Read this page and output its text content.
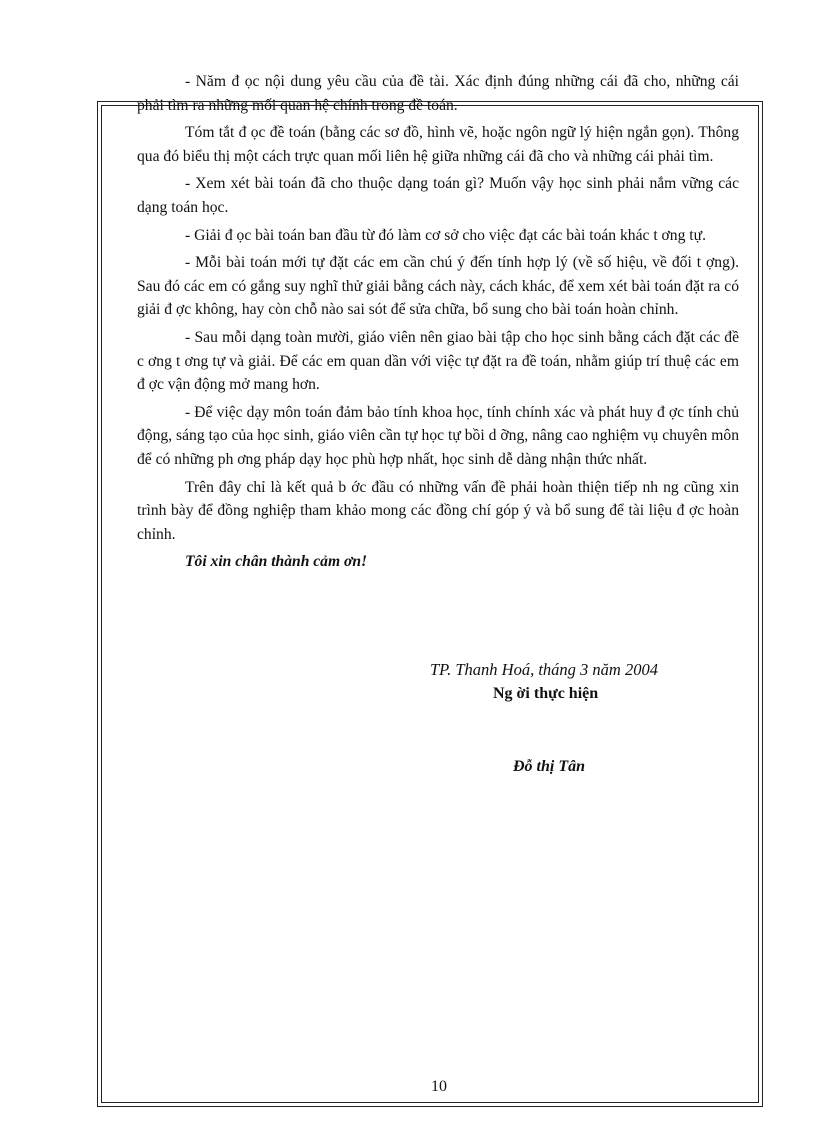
- Năm đ ọc nội dung yêu cầu của đề tài. Xác định đúng những cái đã cho, những cái phải tìm ra những mối quan hệ chính trong đề toán.

Tóm tắt đ ọc đề toán (bằng các sơ đồ, hình vẽ, hoặc ngôn ngữ lý hiện ngắn gọn). Thông qua đó biểu thị một cách trực quan mối liên hệ giữa những cái đã cho và những cái phải tìm.

- Xem xét bài toán đã cho thuộc dạng toán gì? Muốn vậy học sinh phải nắm vững các dạng toán học.

- Giải đ ọc bài toán ban đầu từ đó làm cơ sở cho việc đạt các bài toán khác t ơng tự.

- Mỗi bài toán mới tự đặt các em cần chú ý đến tính hợp lý (về số hiệu, về đối t ợng). Sau đó các em có gắng suy nghĩ thử giải bằng cách này, cách khác, để xem xét bài toán đặt ra có giải đ ợc không, hay còn chỗ nào sai sót để sửa chữa, bổ sung cho bài toán hoàn chỉnh.

- Sau mỗi dạng toàn mười, giáo viên nên giao bài tập cho học sinh bằng cách đặt các đề c ơng t ơng tự và giải. Để các em quan dần với việc tự đặt ra đề toán, nhằm giúp trí thuệ các em đ ợc vận động mở mang hơn.

- Để việc dạy môn toán đảm bảo tính khoa học, tính chính xác và phát huy đ ợc tính chủ động, sáng tạo của học sinh, giáo viên cần tự học tự bồi d ỡng, nâng cao nghiệm vụ chuyên môn để có những ph ơng pháp dạy học phù hợp nhất, học sinh dễ dàng nhận thức nhất.

Trên đây chỉ là kết quả b ớc đầu có những vấn đề phải hoàn thiện tiếp nh ng cũng xin trình bày để đồng nghiệp tham khảo mong các đồng chí góp ý và bổ sung để tài liệu đ ợc hoàn chỉnh.

Tôi xin chân thành cảm ơn!

TP. Thanh Hoá, tháng 3 năm 2004
Ng ời thực hiện
Đỗ thị Tân
10
